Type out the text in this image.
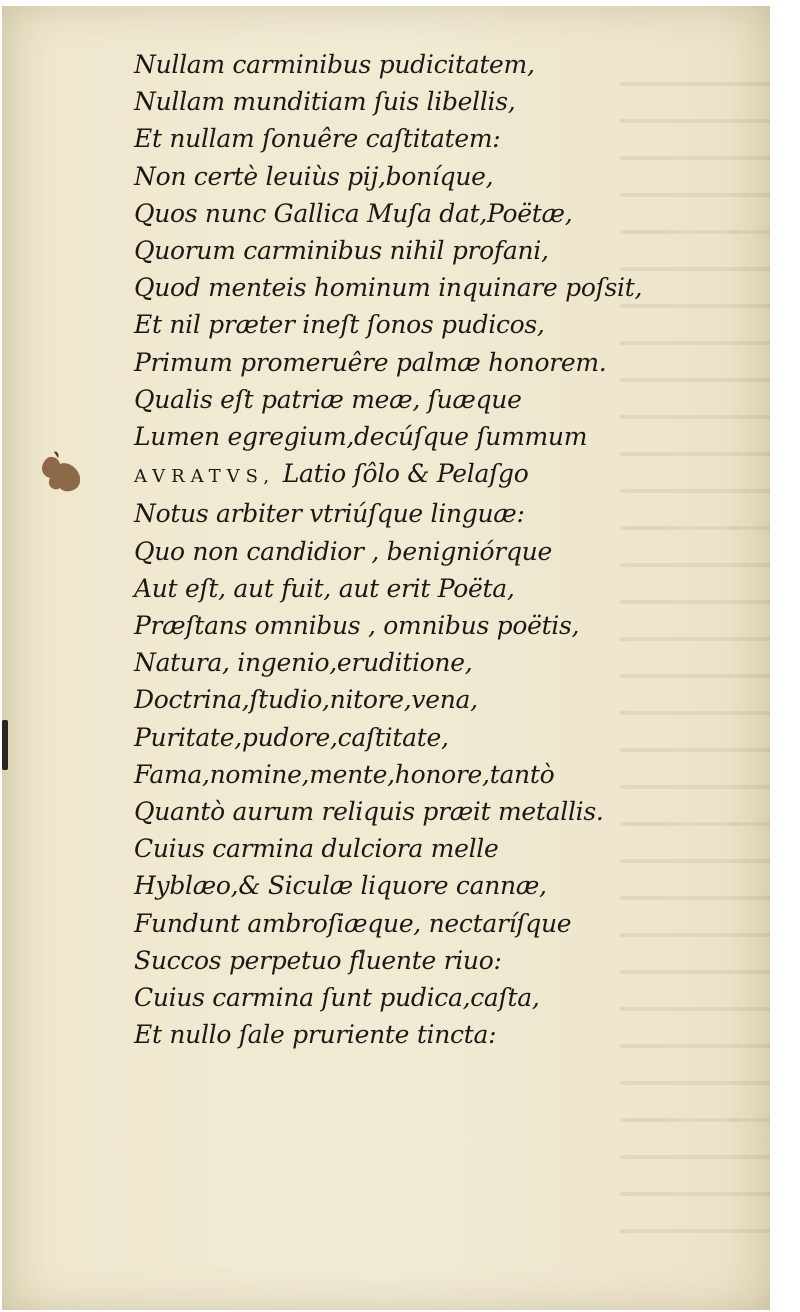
Nullam carminibus pudicitatem,
Nullam munditiam ſuis libellis,
Et nullam ſonuêre caſtitatem:
Non certè leuiùs pij,boníque,
Quos nunc Gallica Muſa dat,Poëtæ,
Quorum carminibus nihil profani,
Quod menteis hominum inquinare poſsit,
Et nil præter ineſt ſonos pudicos,
Primum promeruêre palmæ honorem.
Qualis eſt patriæ meæ, ſuæque
Lumen egregium,decúſque ſummum
AVRATVS, Latio ſôlo & Pelaſgo
Notus arbiter vtriúſque linguæ:
Quo non candidior , benigniórque
Aut eſt, aut fuit, aut erit Poëta,
Præſtans omnibus , omnibus poëtis,
Natura, ingenio,eruditione,
Doctrina,ſtudio,nitore,vena,
Puritate,pudore,caſtitate,
Fama,nomine,mente,honore,tantò
Quantò aurum reliquis præit metallis.
Cuius carmina dulciora melle
Hyblæo,& Siculæ liquore cannæ,
Fundunt ambroſiæque, nectaríſque
Succos perpetuo fluente riuo:
Cuius carmina ſunt pudica,caſta,
Et nullo ſale pruriente tincta:
